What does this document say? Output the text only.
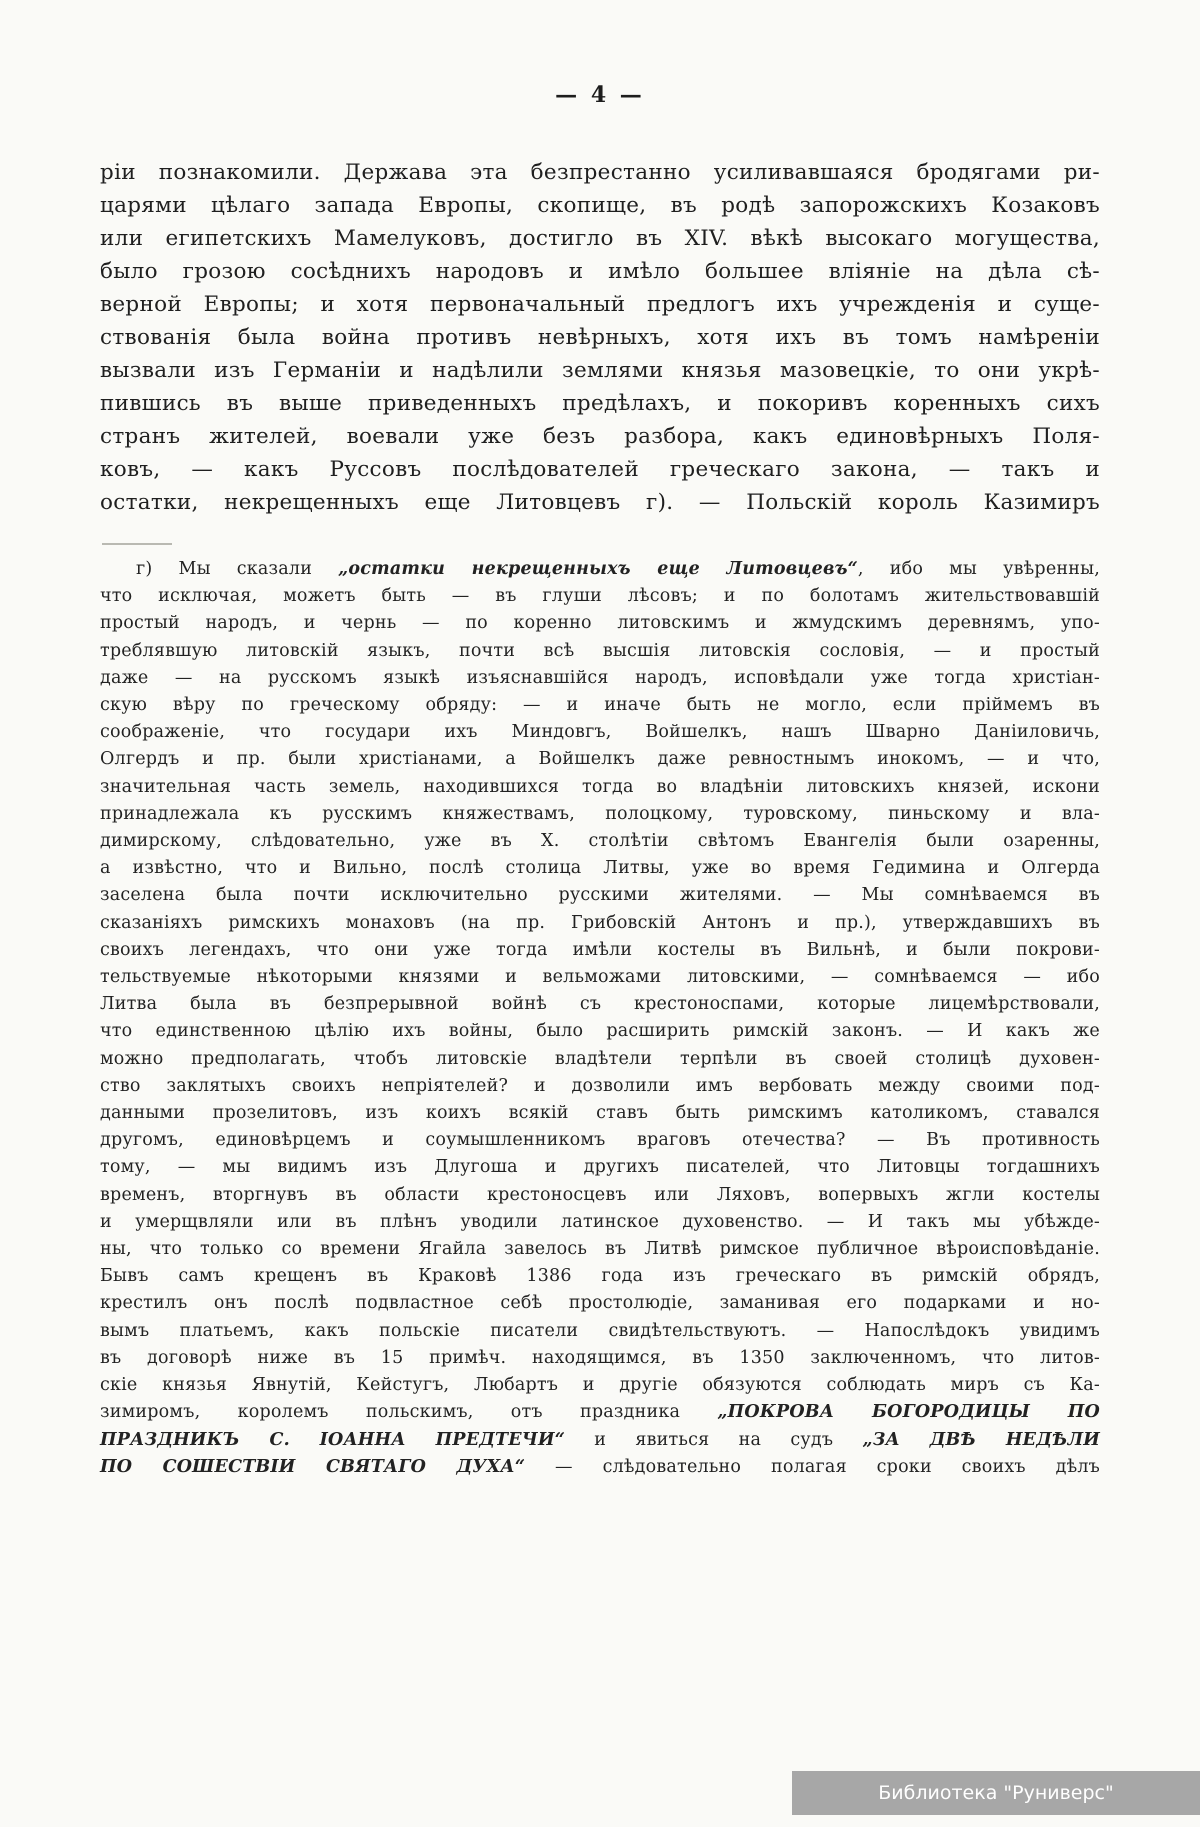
— 4 —
ріи познакомили. Держава эта безпрестанно усиливавшаяся бродягами ри-
царями цѣлаго запада Европы, скопище, въ родѣ запорожскихъ Козаковъ
или египетскихъ Мамелуковъ, достигло въ XIV. вѣкѣ высокаго могущества,
было грозою сосѣднихъ народовъ и имѣло большее вліяніе на дѣла сѣ-
верной Европы; и хотя первоначальный предлогъ ихъ учрежденія и суще-
ствованія была война противъ невѣрныхъ, хотя ихъ въ томъ намѣреніи
вызвали изъ Германіи и надѣлили землями князья мазовецкіе, то они укрѣ-
пившись въ выше приведенныхъ предѣлахъ, и покоривъ коренныхъ сихъ
странъ жителей, воевали уже безъ разбора, какъ единовѣрныхъ Поля-
ковъ, — какъ Руссовъ послѣдователей греческаго закона, — такъ и
остатки, некрещенныхъ еще Литовцевъ г). — Польскій король Казимиръ
г) Мы сказали „остатки некрещенныхъ еще Литовцевъ“, ибо мы увѣренны,
что исключая, можетъ быть — въ глуши лѣсовъ; и по болотамъ жительствовавшій
простый народъ, и чернь — по коренно литовскимъ и жмудскимъ деревнямъ, упо-
треблявшую литовскій языкъ, почти всѣ высшія литовскія сословія, — и простый
даже — на русскомъ языкѣ изъяснавшійся народъ, исповѣдали уже тогда христіан-
скую вѣру по греческому обряду: — и иначе быть не могло, если пріймемъ въ
соображеніе, что государи ихъ Миндовгъ, Войшелкъ, нашъ Шварно Даніиловичь,
Олгердъ и пр. были христіанами, а Войшелкъ даже ревностнымъ инокомъ, — и что,
значительная часть земель, находившихся тогда во владѣніи литовскихъ князей, искони
принадлежала къ русскимъ княжествамъ, полоцкому, туровскому, пиньскому и вла-
димирскому, слѣдовательно, уже въ X. столѣтіи свѣтомъ Евангелія были озаренны,
а извѣстно, что и Вильно, послѣ столица Литвы, уже во время Гедимина и Олгерда
заселена была почти исключительно русскими жителями. — Мы сомнѣваемся въ
сказаніяхъ римскихъ монаховъ (на пр. Грибовскій Антонъ и пр.), утверждавшихъ въ
своихъ легендахъ, что они уже тогда имѣли костелы въ Вильнѣ, и были покрови-
тельствуемые нѣкоторыми князями и вельможами литовскими, — сомнѣваемся — ибо
Литва была въ безпрерывной войнѣ съ крестоноспами, которые лицемѣрствовали,
что единственною цѣлію ихъ войны, было расширить римскій законъ. — И какъ же
можно предполагать, чтобъ литовскіе владѣтели терпѣли въ своей столицѣ духовен-
ство заклятыхъ своихъ непріятелей? и дозволили имъ вербовать между своими под-
данными прозелитовъ, изъ коихъ всякій ставъ быть римскимъ католикомъ, ставался
другомъ, единовѣрцемъ и соумышленникомъ враговъ отечества? — Въ противность
тому, — мы видимъ изъ Длугоша и другихъ писателей, что Литовцы тогдашнихъ
временъ, вторгнувъ въ области крестоносцевъ или Ляховъ, вопервыхъ жгли костелы
и умерщвляли или въ плѣнъ уводили латинское духовенство. — И такъ мы убѣжде-
ны, что только со времени Ягайла завелось въ Литвѣ римское публичное вѣроисповѣданіе.
Бывъ самъ крещенъ въ Краковѣ 1386 года изъ греческаго въ римскій обрядъ,
крестилъ онъ послѣ подвластное себѣ простолюдіе, заманивая его подарками и но-
вымъ платьемъ, какъ польскіе писатели свидѣтельствуютъ. — Напослѣдокъ увидимъ
въ договорѣ ниже въ 15 примѣч. находящимся, въ 1350 заключенномъ, что литов-
скіе князья Явнутій, Кейстугъ, Любартъ и другіе обязуются соблюдать миръ съ Ка-
зимиромъ, королемъ польскимъ, отъ праздника „ПОКРОВА БОГОРОДИЦЫ ПО
ПРАЗДНИКЪ С. ІОАННА ПРЕДТЕЧИ“ и явиться на судъ „ЗА ДВѢ НЕДѢЛИ
ПО СОШЕСТВІИ СВЯТАГО ДУХА“ — слѣдовательно полагая сроки своихъ дѣлъ
Библиотека "Руниверс"
